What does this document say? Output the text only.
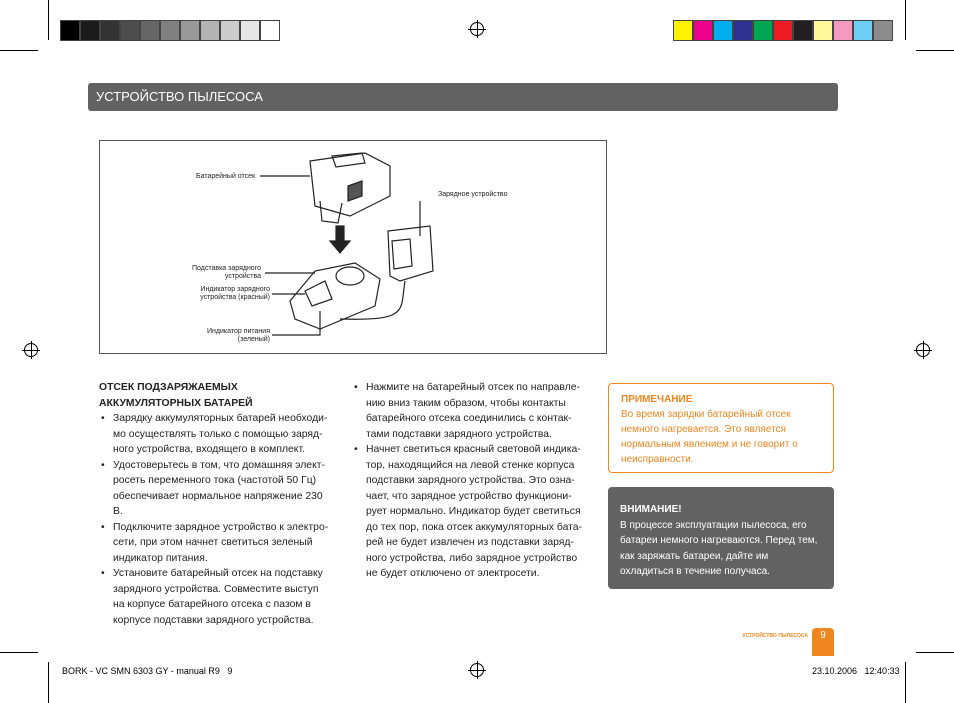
УСТРОЙСТВО ПЫЛЕСОСА
Батарейный отсек
Зарядное устройство
Подставка зарядного
устройства
Индикатор зарядного
устройства (красный)
Индикатор питания
(зеленый)
ОТСЕК ПОДЗАРЯЖАЕМЫХ АККУМУЛЯТОРНЫХ БАТАРЕЙ
• Зарядку аккумуляторных батарей необходи-мо осуществлять только с помощью заряд-ного устройства, входящего в комплект.
• Удостоверьтесь в том, что домашняя элект-росеть переменного тока (частотой 50 Гц) обеспечивает нормальное напряжение 230 В.
• Подключите зарядное устройство к электро-сети, при этом начнет светиться зеленый индикатор питания.
• Установите батарейный отсек на подставку зарядного устройства. Совместите выступ на корпусе батарейного отсека с пазом в корпусе подставки зарядного устройства.
• Нажмите на батарейный отсек по направле-нию вниз таким образом, чтобы контакты батарейного отсека соединились с контак-тами подставки зарядного устройства.
• Начнет светиться красный световой индика-тор, находящийся на левой стенке корпуса подставки зарядного устройства. Это озна-чает, что зарядное устройство функциони-рует нормально. Индикатор будет светиться до тех пор, пока отсек аккумуляторных бата-рей не будет извлечен из подставки заряд-ного устройства, либо зарядное устройство не будет отключено от электросети.
ПРИМЕЧАНИЕ
Во время зарядки батарейный отсек немного нагревается. Это является нормальным явлением и не говорит о неисправности.
ВНИМАНИЕ!
В процессе эксплуатации пылесоса, его батареи немного нагреваются. Перед тем, как заряжать батареи, дайте им охладиться в течение получаса.
УСТРОЙСТВО ПЫЛЕСОСА	9
BORK - VC SMN 6303 GY - manual R9   9	23.10.2006   12:40:33
